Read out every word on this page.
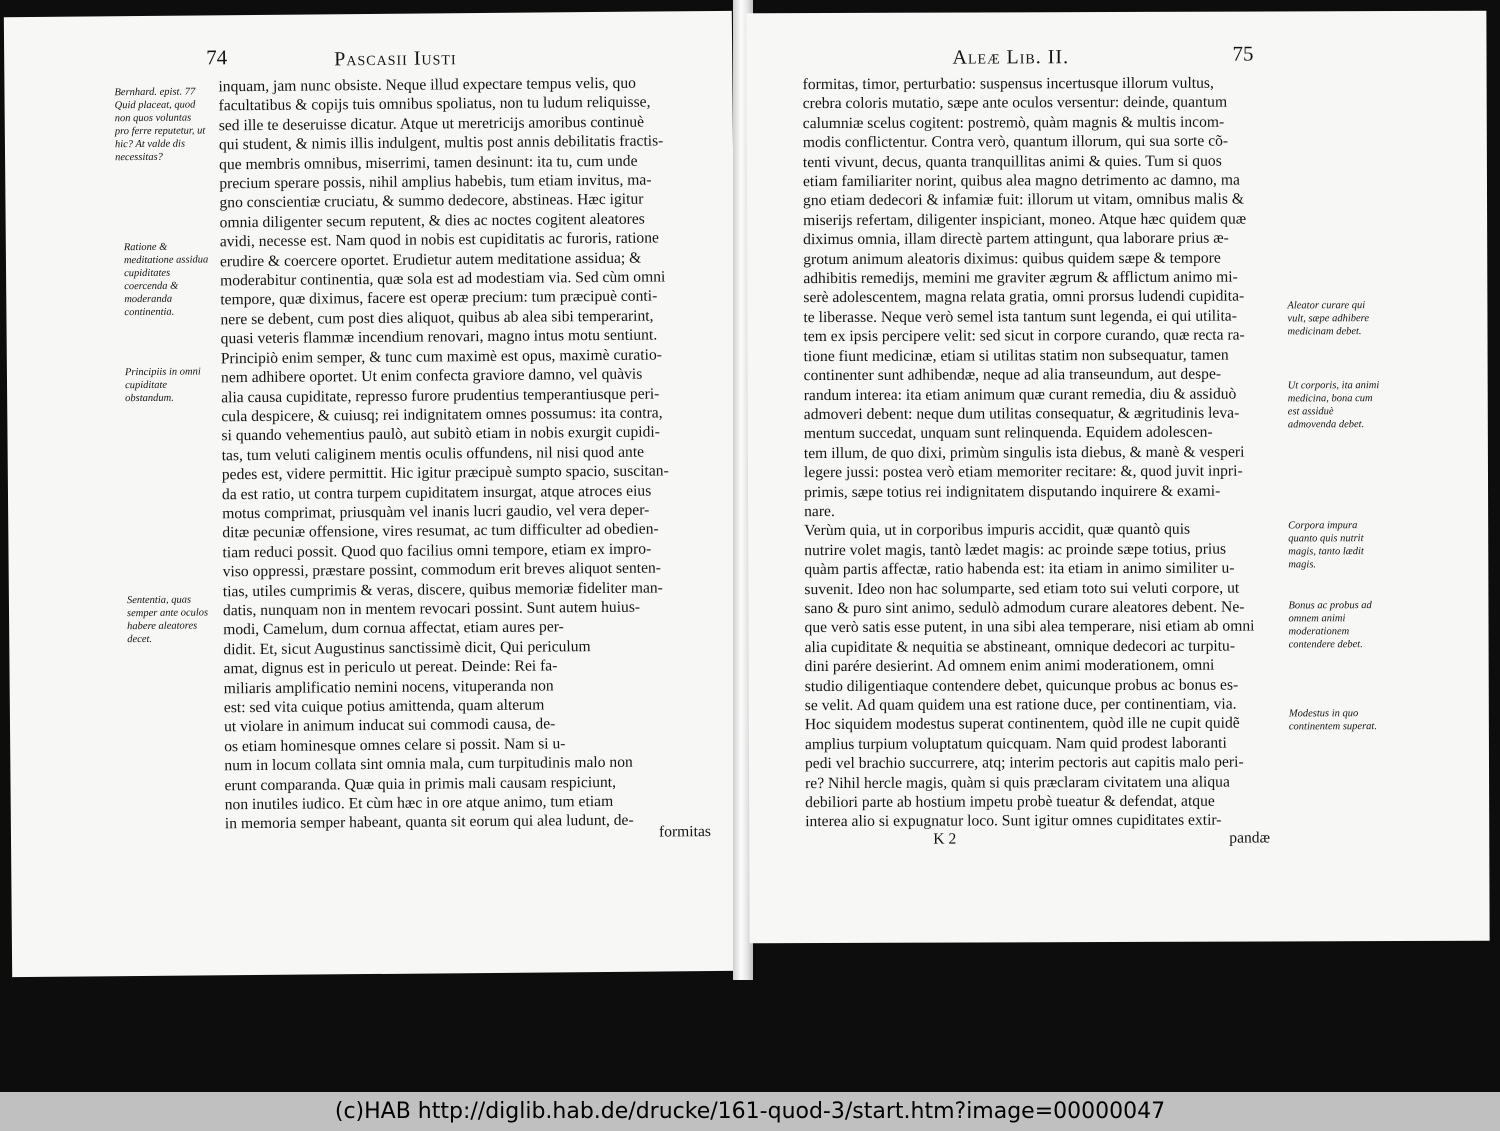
74	Pascasii Iusti
Bernhard. epist. 77 Quid placeat, quod non quos voluntas pro ferre reputetur, ut hic? At valde dis necessitas?
Ratione & meditatione assidua cupiditates coercenda & moderanda continentia.
Principiis in omni cupiditate obstandum.
Sententia, quas semper ante oculos habere aleatores decet.
inquam, jam nunc obsiste. Neque illud expectare tempus velis, quo
facultatibus & copijs tuis omnibus spoliatus, non tu ludum reliquisse,
sed ille te deseruisse dicatur. Atque ut meretricijs amoribus continuè
qui student, & nimis illis indulgent, multis post annis debilitatis fractis-
que membris omnibus, miserrimi, tamen desinunt: ita tu, cum unde
precium sperare possis, nihil amplius habebis, tum etiam invitus, ma-
gno conscientiæ cruciatu, & summo dedecore, abstineas. Hæc igitur
omnia diligenter secum reputent, & dies ac noctes cogitent aleatores
avidi, necesse est. Nam quod in nobis est cupiditatis ac furoris, ratione
erudire & coercere oportet. Erudietur autem meditatione assidua; &
moderabitur continentia, quæ sola est ad modestiam via. Sed cùm omni
tempore, quæ diximus, facere est operæ precium: tum præcipuè conti-
nere se debent, cum post dies aliquot, quibus ab alea sibi temperarint,
quasi veteris flammæ incendium renovari, magno intus motu sentiunt.
Principiò enim semper, & tunc cum maximè est opus, maximè curatio-
nem adhibere oportet. Ut enim confecta graviore damno, vel quàvis
alia causa cupiditate, represso furore prudentius temperantiusque peri-
cula despicere, & cuiusq; rei indignitatem omnes possumus: ita contra,
si quando vehementius paulò, aut subitò etiam in nobis exurgit cupidi-
tas, tum veluti caliginem mentis oculis offundens, nil nisi quod ante
pedes est, videre permittit. Hic igitur præcipuè sumpto spacio, suscitan-
da est ratio, ut contra turpem cupiditatem insurgat, atque atroces eius
motus comprimat, priusquàm vel inanis lucri gaudio, vel vera deper-
ditæ pecuniæ offensione, vires resumat, ac tum difficulter ad obedien-
tiam reduci possit. Quod quo facilius omni tempore, etiam ex impro-
viso oppressi, præstare possint, commodum erit breves aliquot senten-
tias, utiles cumprimis & veras, discere, quibus memoriæ fideliter man-
datis, nunquam non in mentem revocari possint. Sunt autem huius-
modi, Camelum, dum cornua affectat, etiam aures per-
didit. Et, sicut Augustinus sanctissimè dicit, Qui periculum
amat, dignus est in periculo ut pereat. Deinde: Rei fa-
miliaris amplificatio nemini nocens, vituperanda non
est: sed vita cuique potius amittenda, quam alterum
ut violare in animum inducat sui commodi causa, de-
os etiam hominesque omnes celare si possit. Nam si u-
num in locum collata sint omnia mala, cum turpitudinis malo non
erunt comparanda. Quæ quia in primis mali causam respiciunt,
non inutiles iudico. Et cùm hæc in ore atque animo, tum etiam
in memoria semper habeant, quanta sit eorum qui alea ludunt, de-	formitas
Aleæ Lib. II.	75
Aleator curare qui vult, sæpe adhibere medicinam debet.
Ut corporis, ita animi medicina, bona cum est assiduè admovenda debet.
Corpora impura quanto quis nutrit magis, tanto lædit magis.
Bonus ac probus ad omnem animi moderationem contendere debet.
Modestus in quo continentem superat.
formitas, timor, perturbatio: suspensus incertusque illorum vultus,
crebra coloris mutatio, sæpe ante oculos versentur: deinde, quantum
calumniæ scelus cogitent: postremò, quàm magnis & multis incom-
modis conflictentur. Contra verò, quantum illorum, qui sua sorte cõ-
tenti vivunt, decus, quanta tranquillitas animi & quies. Tum si quos
etiam familiariter norint, quibus alea magno detrimento ac damno, ma
gno etiam dedecori & infamiæ fuit: illorum ut vitam, omnibus malis &
miserijs refertam, diligenter inspiciant, moneo. Atque hæc quidem quæ
diximus omnia, illam directè partem attingunt, qua laborare prius æ-
grotum animum aleatoris diximus: quibus quidem sæpe & tempore
adhibitis remedijs, memini me graviter ægrum & afflictum animo mi-
serè adolescentem, magna relata gratia, omni prorsus ludendi cupidita-
te liberasse. Neque verò semel ista tantum sunt legenda, ei qui utilita-
tem ex ipsis percipere velit: sed sicut in corpore curando, quæ recta ra-
tione fiunt medicinæ, etiam si utilitas statim non subsequatur, tamen
continenter sunt adhibendæ, neque ad alia transeundum, aut despe-
randum interea: ita etiam animum quæ curant remedia, diu & assiduò
admoveri debent: neque dum utilitas consequatur, & ægritudinis leva-
mentum succedat, unquam sunt relinquenda. Equidem adolescen-
tem illum, de quo dixi, primùm singulis ista diebus, & manè & vesperi
legere jussi: postea verò etiam memoriter recitare: &, quod juvit inpri-
primis, sæpe totius rei indignitatem disputando inquirere & exami-
nare.
Verùm quia, ut in corporibus impuris accidit, quæ quantò quis
nutrire volet magis, tantò lædet magis: ac proinde sæpe totius, prius
quàm partis affectæ, ratio habenda est: ita etiam in animo similiter u-
suvenit. Ideo non hac solumparte, sed etiam toto sui veluti corpore, ut
sano & puro sint animo, sedulò admodum curare aleatores debent. Ne-
que verò satis esse putent, in una sibi alea temperare, nisi etiam ab omni
alia cupiditate & nequitia se abstineant, omnique dedecori ac turpitu-
dini parére desierint. Ad omnem enim animi moderationem, omni
studio diligentiaque contendere debet, quicunque probus ac bonus es-
se velit. Ad quam quidem una est ratione duce, per continentiam, via.
Hoc siquidem modestus superat continentem, quòd ille ne cupit quidẽ
amplius turpium voluptatum quicquam. Nam quid prodest laboranti
pedi vel brachio succurrere, atq; interim pectoris aut capitis malo peri-
re? Nihil hercle magis, quàm si quis præclaram civitatem una aliqua
debiliori parte ab hostium impetu probè tueatur & defendat, atque
interea alio si expugnatur loco. Sunt igitur omnes cupiditates extir-
K 2	pandæ
(c)HAB http://diglib.hab.de/drucke/161-quod-3/start.htm?image=00000047
